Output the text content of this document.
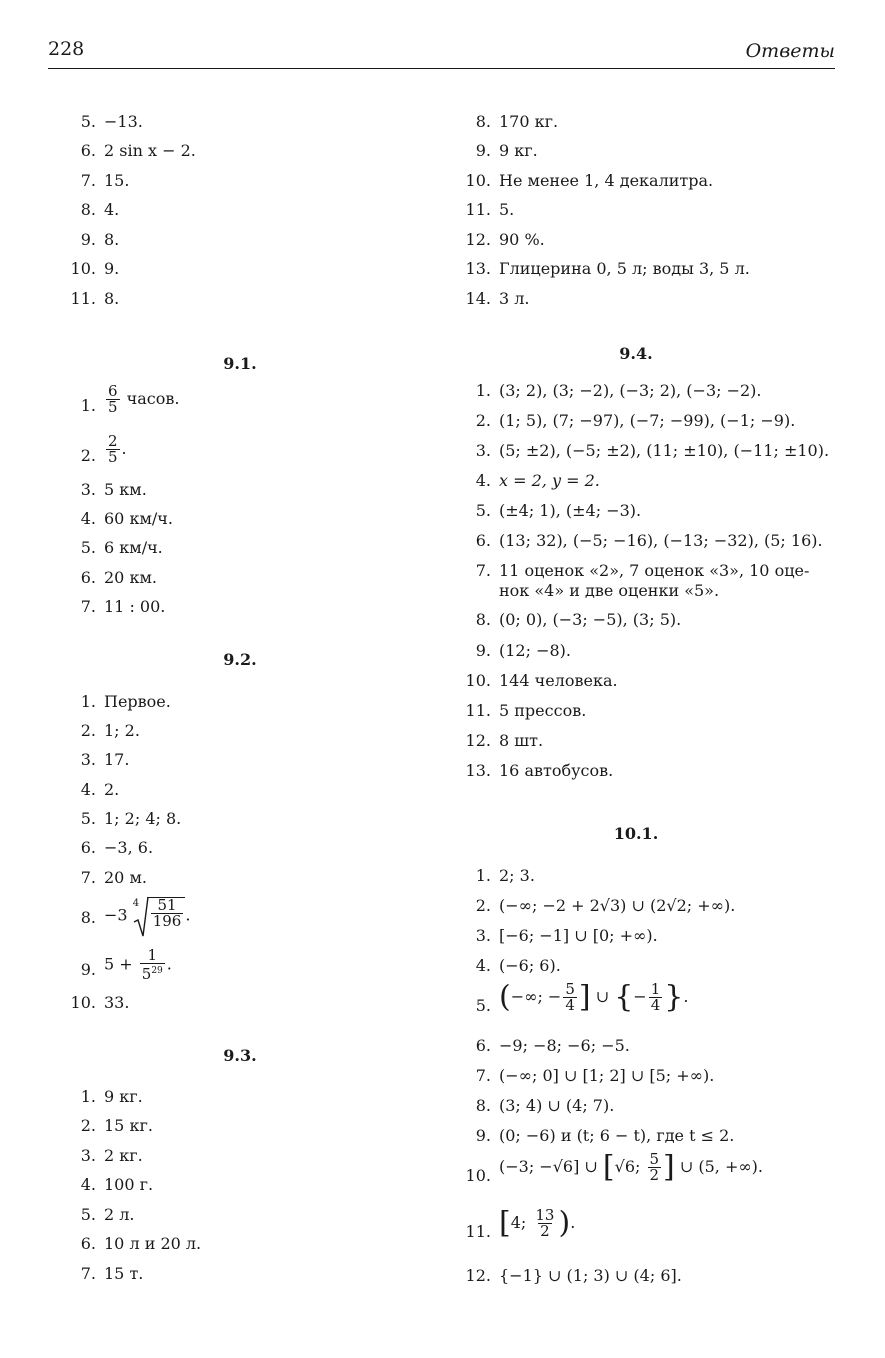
228	Ответы
5. −13.
6. 2 sin x − 2.
7. 15.
8. 4.
9. 8.
10. 9.
11. 8.
9.1.
1. $\frac{6}{5}$ часов.
2. $\frac{2}{5}$ .
3. 5 км.
4. 60 км/ч.
5. 6 км/ч.
6. 20 км.
7. 11 : 00.
9.2.
1. Первое.
2. 1; 2.
3. 17.
4. 2.
5. 1; 2; 4; 8.
6. −3, 6.
7. 20 м.
8. −3
$4 \frac{51}{196}$ .
9. $5 + \frac{1}{5^{29}}$ .
10. 33.
9.3.
1. 9 кг.
2. 15 кг.
3. 2 кг.
4. 100 г.
5. 2 л.
6. 10 л и 20 л.
7. 15 т.
8. 170 кг.
9. 9 кг.
10. Не менее 1, 4 декалитра.
11. 5.
12. 90 %.
13. Глицерина 0, 5 л; воды 3, 5 л.
14. 3 л.
9.4.
1. (3; 2), (3; −2), (−3; 2), (−3; −2).
2. (1; 5), (7; −97), (−7; −99), (−1; −9).
3. (5; ±2), (−5; ±2), (11; ±10), (−11; ±10).
4. x = 2, y = 2.
5. (±4; 1), (±4; −3).
6. (13; 32), (−5; −16), (−13; −32), (5; 16).
7. 11 оценок «2», 7 оценок «3», 10 оце-
нок «4» и две оценки «5».
8. (0; 0), (−3; −5), (3; 5).
9. (12; −8).
10. 144 человека.
11. 5 прессов.
12. 8 шт.
13. 16 автобусов.
10.1.
1. 2; 3.
2. (−∞; −2 + 2√3) ∪ (2√2; +∞).
3. [−6; −1] ∪ [0; +∞).
4. (−6; 6).
5. (−∞; − $\frac{5}{4}$ ] ∪ {− $\frac{1}{4}$ }.
6. −9; −8; −6; −5.
7. (−∞; 0] ∪ [1; 2] ∪ [5; +∞).
8. (3; 4) ∪ (4; 7).
9. (0; −6) и (t; 6 − t), где t ≤ 2.
10. (−3; −√6] ∪ [√6; $\frac{5}{2}$ ] ∪ (5, +∞).
11. [4; $\frac{13}{2}$ ).
12. {−1} ∪ (1; 3) ∪ (4; 6].
